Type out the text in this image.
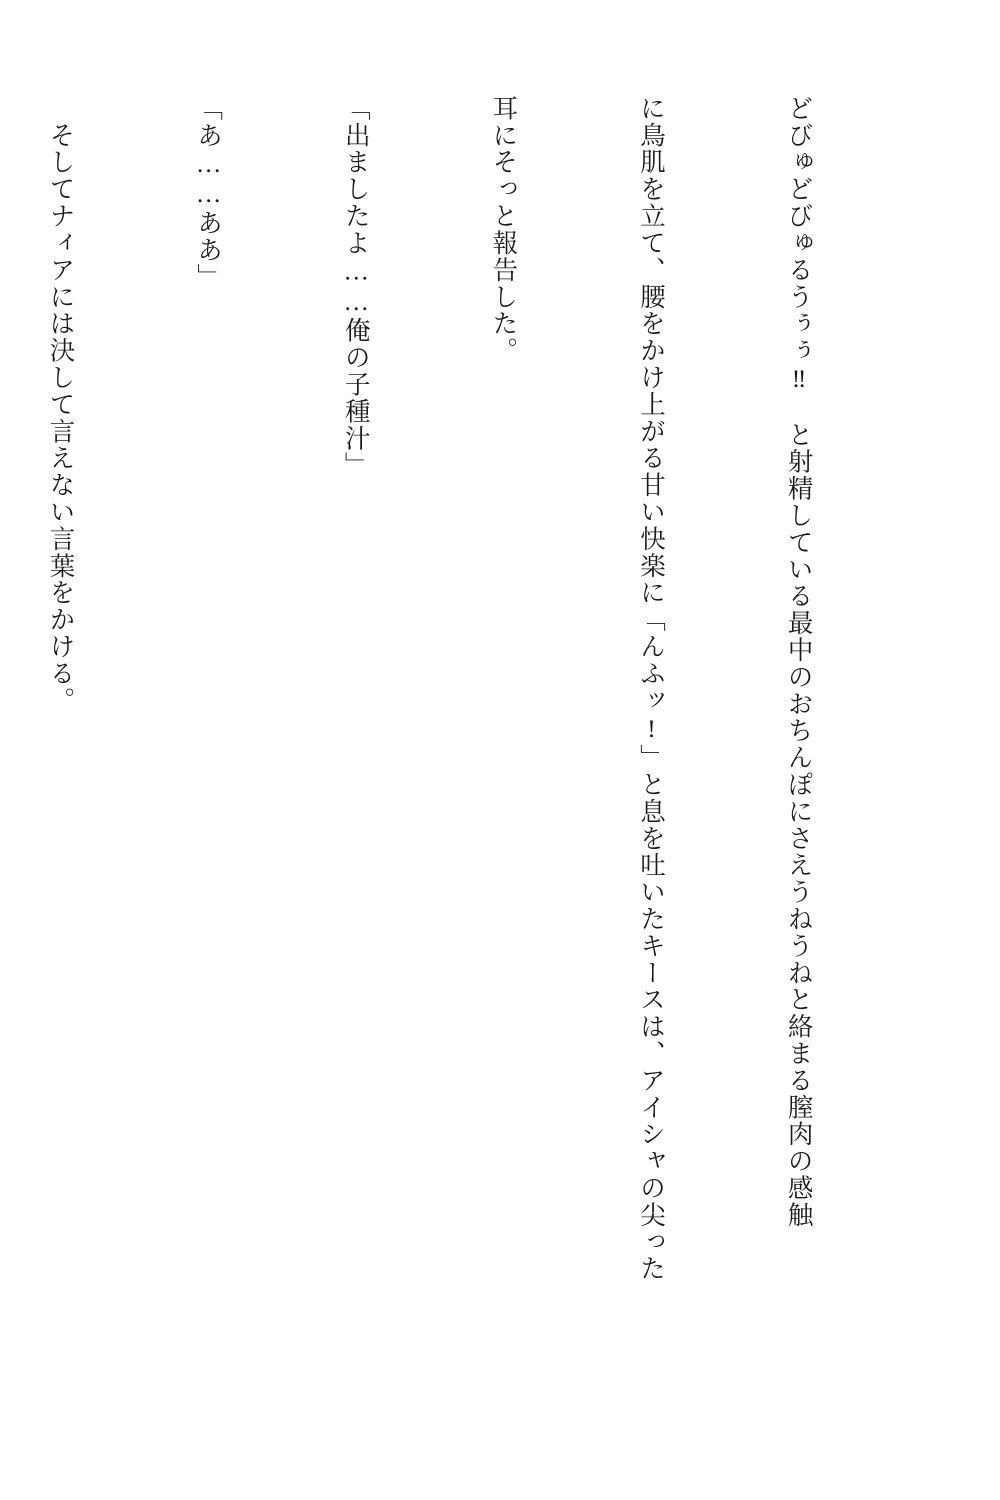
どびゅどびゅるうぅぅ‼　と射精している最中のおちんぽにさえうねうねと絡まる膣肉の感触

に鳥肌を立て、腰をかけ上がる甘い快楽に「んふッ!」と息を吐いたキースは、アイシャの尖った

耳にそっと報告した。

「出ましたよ……俺の子種汁」

「あ……ああ」

　そしてナィアには決して言えない言葉をかける。
